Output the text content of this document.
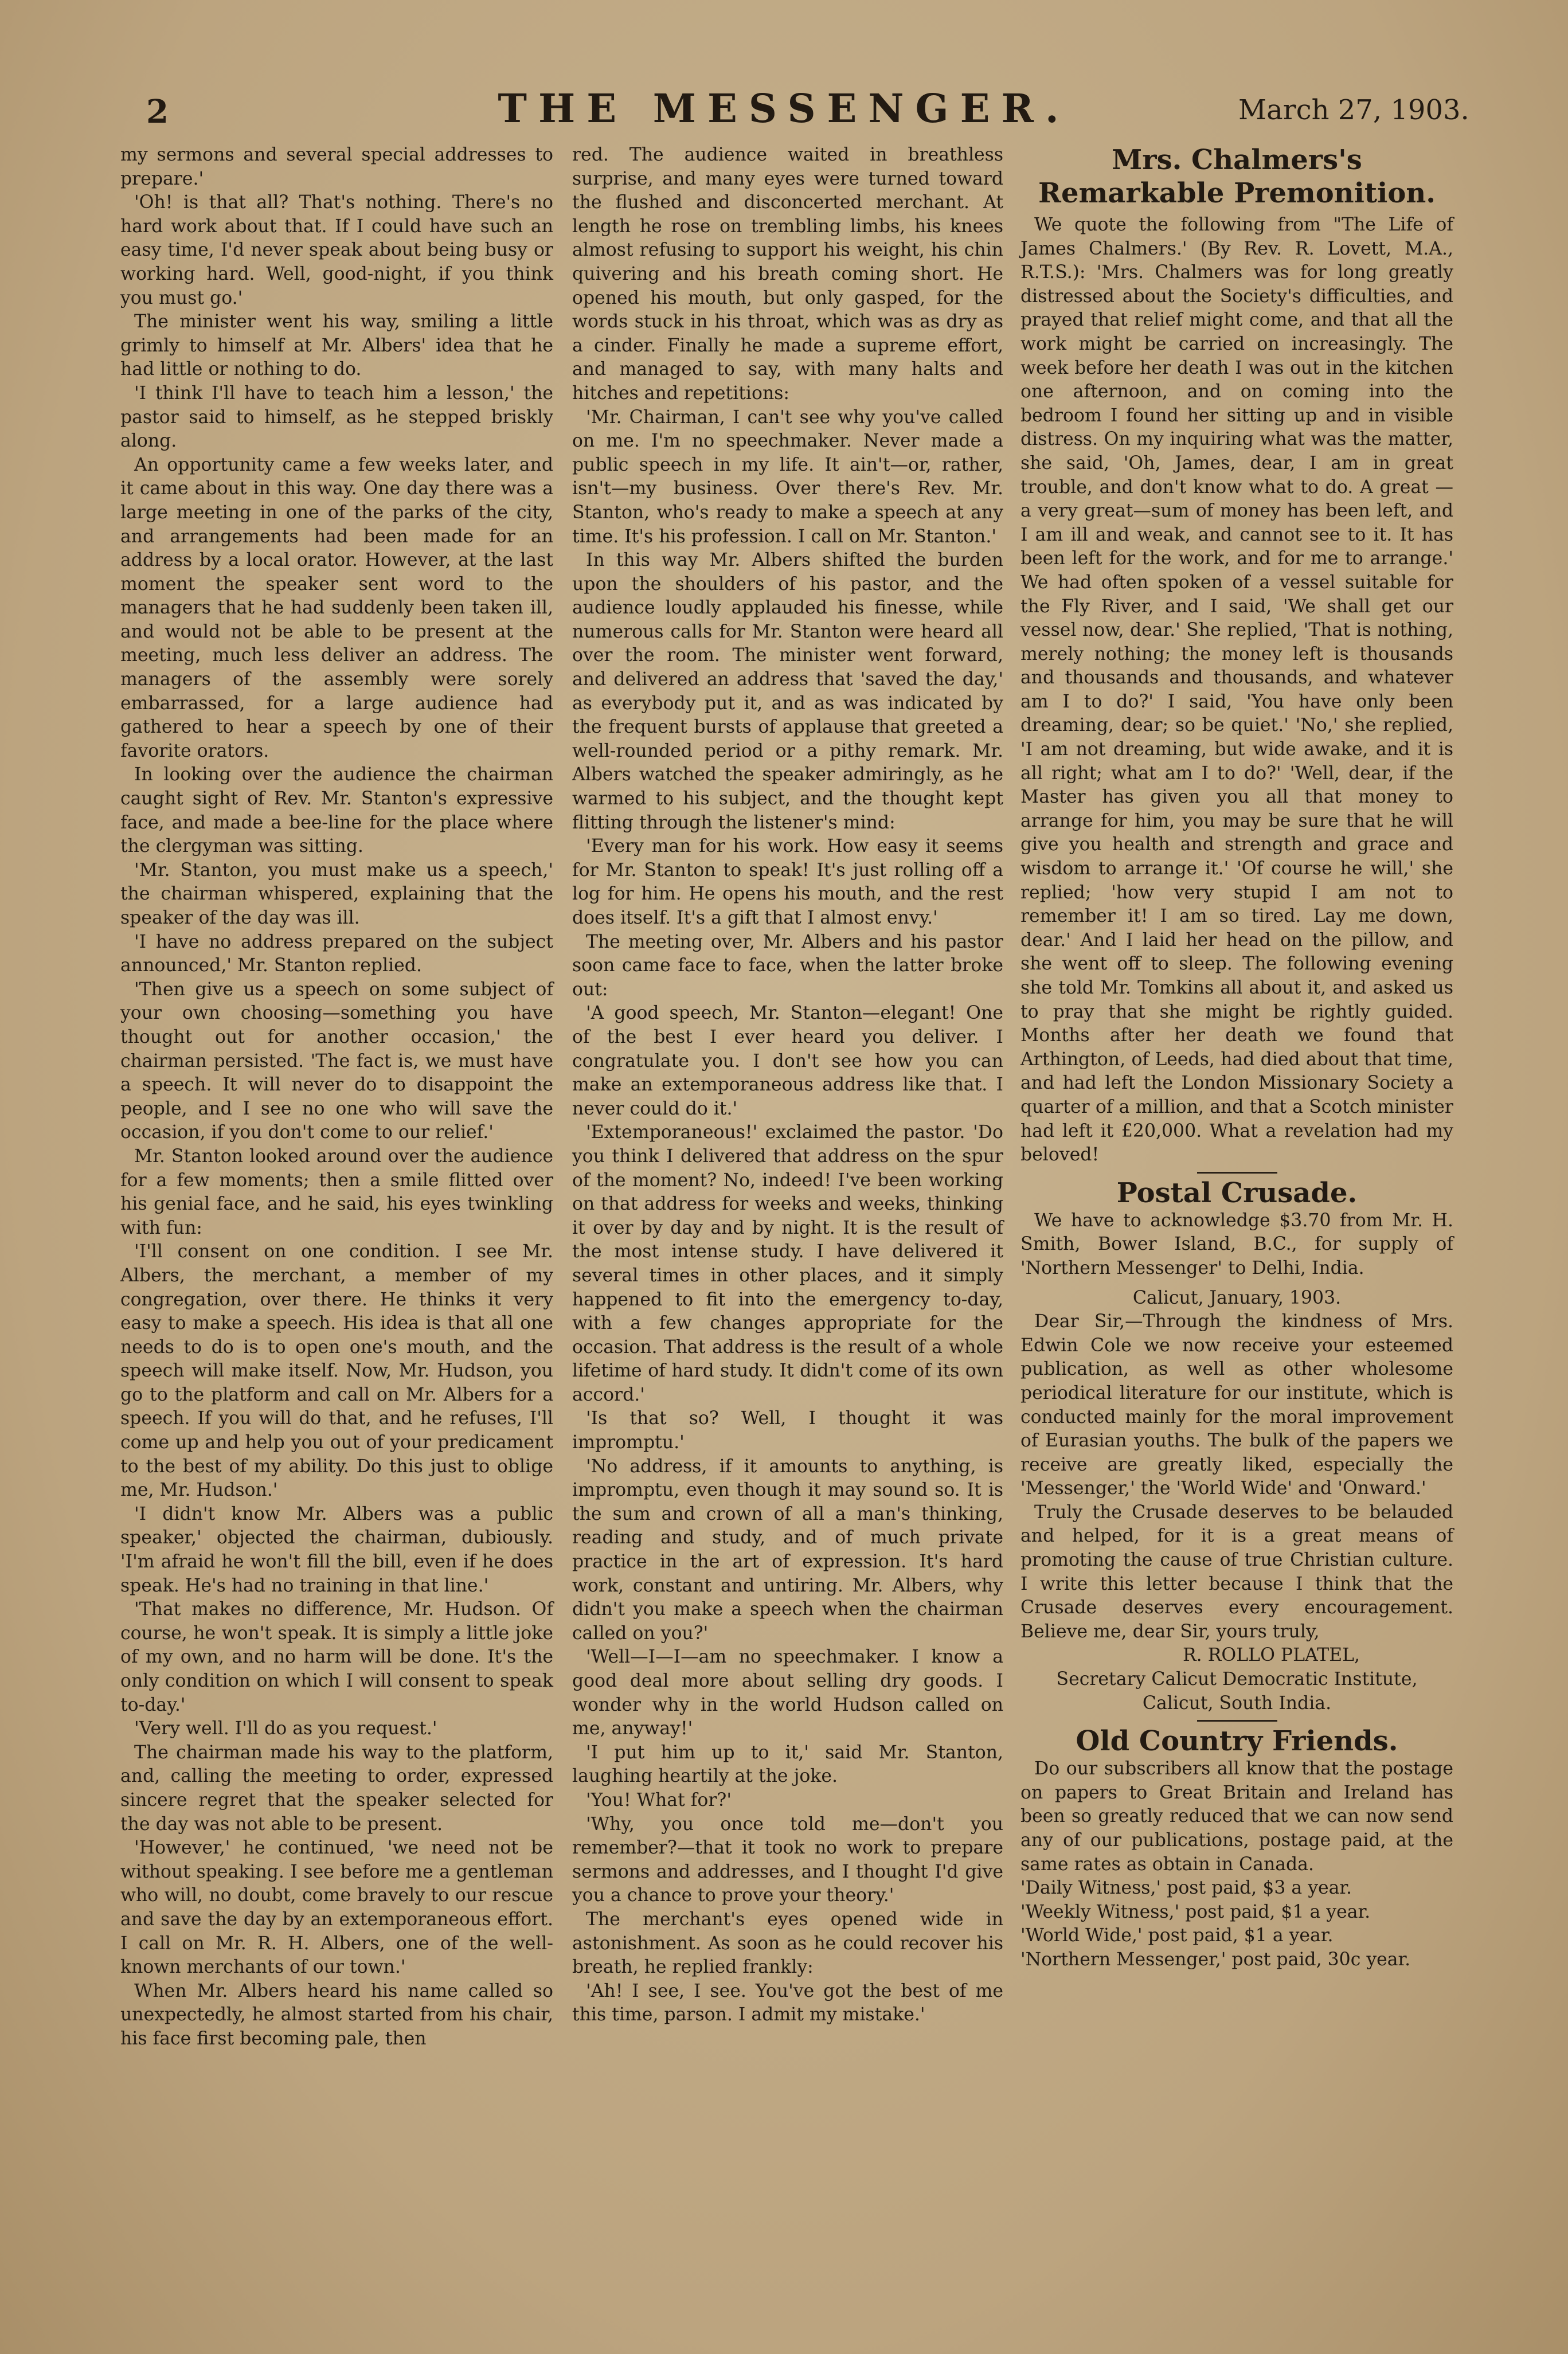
2	THE MESSENGER.	March 27, 1903.

my sermons and several special addresses to prepare.'

'Oh! is that all? That's nothing. There's no hard work about that. If I could have such an easy time, I'd never speak about being busy or working hard. Well, good-night, if you think you must go.'

The minister went his way, smiling a little grimly to himself at Mr. Albers' idea that he had little or nothing to do.

'I think I'll have to teach him a lesson,' the pastor said to himself, as he stepped briskly along.

An opportunity came a few weeks later, and it came about in this way. One day there was a large meeting in one of the parks of the city, and arrangements had been made for an address by a local orator. However, at the last moment the speaker sent word to the managers that he had suddenly been taken ill, and would not be able to be present at the meeting, much less deliver an address. The managers of the assembly were sorely embarrassed, for a large audience had gathered to hear a speech by one of their favorite orators.

In looking over the audience the chairman caught sight of Rev. Mr. Stanton's expressive face, and made a bee-line for the place where the clergyman was sitting.

'Mr. Stanton, you must make us a speech,' the chairman whispered, explaining that the speaker of the day was ill.

'I have no address prepared on the subject announced,' Mr. Stanton replied.

'Then give us a speech on some subject of your own choosing—something you have thought out for another occasion,' the chairman persisted. 'The fact is, we must have a speech. It will never do to disappoint the people, and I see no one who will save the occasion, if you don't come to our relief.'

Mr. Stanton looked around over the audience for a few moments; then a smile flitted over his genial face, and he said, his eyes twinkling with fun:

'I'll consent on one condition. I see Mr. Albers, the merchant, a member of my congregation, over there. He thinks it very easy to make a speech. His idea is that all one needs to do is to open one's mouth, and the speech will make itself. Now, Mr. Hudson, you go to the platform and call on Mr. Albers for a speech. If you will do that, and he refuses, I'll come up and help you out of your predicament to the best of my ability. Do this just to oblige me, Mr. Hudson.'

'I didn't know Mr. Albers was a public speaker,' objected the chairman, dubiously. 'I'm afraid he won't fill the bill, even if he does speak. He's had no training in that line.'

'That makes no difference, Mr. Hudson. Of course, he won't speak. It is simply a little joke of my own, and no harm will be done. It's the only condition on which I will consent to speak to-day.'

'Very well. I'll do as you request.'

The chairman made his way to the platform, and, calling the meeting to order, expressed sincere regret that the speaker selected for the day was not able to be present.

'However,' he continued, 'we need not be without speaking. I see before me a gentleman who will, no doubt, come bravely to our rescue and save the day by an extemporaneous effort. I call on Mr. R. H. Albers, one of the well-known merchants of our town.'

When Mr. Albers heard his name called so unexpectedly, he almost started from his chair, his face first becoming pale, then

red. The audience waited in breathless surprise, and many eyes were turned toward the flushed and disconcerted merchant. At length he rose on trembling limbs, his knees almost refusing to support his weight, his chin quivering and his breath coming short. He opened his mouth, but only gasped, for the words stuck in his throat, which was as dry as a cinder. Finally he made a supreme effort, and managed to say, with many halts and hitches and repetitions:

'Mr. Chairman, I can't see why you've called on me. I'm no speechmaker. Never made a public speech in my life. It ain't—or, rather, isn't—my business. Over there's Rev. Mr. Stanton, who's ready to make a speech at any time. It's his profession. I call on Mr. Stanton.'

In this way Mr. Albers shifted the burden upon the shoulders of his pastor, and the audience loudly applauded his finesse, while numerous calls for Mr. Stanton were heard all over the room. The minister went forward, and delivered an address that 'saved the day,' as everybody put it, and as was indicated by the frequent bursts of applause that greeted a well-rounded period or a pithy remark. Mr. Albers watched the speaker admiringly, as he warmed to his subject, and the thought kept flitting through the listener's mind:

'Every man for his work. How easy it seems for Mr. Stanton to speak! It's just rolling off a log for him. He opens his mouth, and the rest does itself. It's a gift that I almost envy.'

The meeting over, Mr. Albers and his pastor soon came face to face, when the latter broke out:

'A good speech, Mr. Stanton—elegant! One of the best I ever heard you deliver. I congratulate you. I don't see how you can make an extemporaneous address like that. I never could do it.'

'Extemporaneous!' exclaimed the pastor. 'Do you think I delivered that address on the spur of the moment? No, indeed! I've been working on that address for weeks and weeks, thinking it over by day and by night. It is the result of the most intense study. I have delivered it several times in other places, and it simply happened to fit into the emergency to-day, with a few changes appropriate for the occasion. That address is the result of a whole lifetime of hard study. It didn't come of its own accord.'

'Is that so? Well, I thought it was impromptu.'

'No address, if it amounts to anything, is impromptu, even though it may sound so. It is the sum and crown of all a man's thinking, reading and study, and of much private practice in the art of expression. It's hard work, constant and untiring. Mr. Albers, why didn't you make a speech when the chairman called on you?'

'Well—I—I—am no speechmaker. I know a good deal more about selling dry goods. I wonder why in the world Hudson called on me, anyway!'

'I put him up to it,' said Mr. Stanton, laughing heartily at the joke.

'You! What for?'

'Why, you once told me—don't you remember?—that it took no work to prepare sermons and addresses, and I thought I'd give you a chance to prove your theory.'

The merchant's eyes opened wide in astonishment. As soon as he could recover his breath, he replied frankly:

'Ah! I see, I see. You've got the best of me this time, parson. I admit my mistake.'

Mrs. Chalmers's Remarkable Premonition.

We quote the following from "The Life of James Chalmers.' (By Rev. R. Lovett, M.A., R.T.S.): 'Mrs. Chalmers was for long greatly distressed about the Society's difficulties, and prayed that relief might come, and that all the work might be carried on increasingly. The week before her death I was out in the kitchen one afternoon, and on coming into the bedroom I found her sitting up and in visible distress. On my inquiring what was the matter, she said, 'Oh, James, dear, I am in great trouble, and don't know what to do. A great —a very great—sum of money has been left, and I am ill and weak, and cannot see to it. It has been left for the work, and for me to arrange.' We had often spoken of a vessel suitable for the Fly River, and I said, 'We shall get our vessel now, dear.' She replied, 'That is nothing, merely nothing; the money left is thousands and thousands and thousands, and whatever am I to do?' I said, 'You have only been dreaming, dear; so be quiet.' 'No,' she replied, 'I am not dreaming, but wide awake, and it is all right; what am I to do?' 'Well, dear, if the Master has given you all that money to arrange for him, you may be sure that he will give you health and strength and grace and wisdom to arrange it.' 'Of course he will,' she replied; 'how very stupid I am not to remember it! I am so tired. Lay me down, dear.' And I laid her head on the pillow, and she went off to sleep. The following evening she told Mr. Tomkins all about it, and asked us to pray that she might be rightly guided. Months after her death we found that Arthington, of Leeds, had died about that time, and had left the London Missionary Society a quarter of a million, and that a Scotch minister had left it £20,000. What a revelation had my beloved!

Postal Crusade.

We have to acknowledge $3.70 from Mr. H. Smith, Bower Island, B.C., for supply of 'Northern Messenger' to Delhi, India.

Calicut, January, 1903.

Dear Sir,—Through the kindness of Mrs. Edwin Cole we now receive your esteemed publication, as well as other wholesome periodical literature for our institute, which is conducted mainly for the moral improvement of Eurasian youths. The bulk of the papers we receive are greatly liked, especially the 'Messenger,' the 'World Wide' and 'Onward.'

Truly the Crusade deserves to be belauded and helped, for it is a great means of promoting the cause of true Christian culture. I write this letter because I think that the Crusade deserves every encouragement. Believe me, dear Sir, yours truly,

R. ROLLO PLATEL,

Secretary Calicut Democratic Institute,

Calicut, South India.

Old Country Friends.

Do our subscribers all know that the postage on papers to Great Britain and Ireland has been so greatly reduced that we can now send any of our publications, postage paid, at the same rates as obtain in Canada.

'Daily Witness,' post paid, $3 a year.

'Weekly Witness,' post paid, $1 a year.

'World Wide,' post paid, $1 a year.

'Northern Messenger,' post paid, 30c year.
